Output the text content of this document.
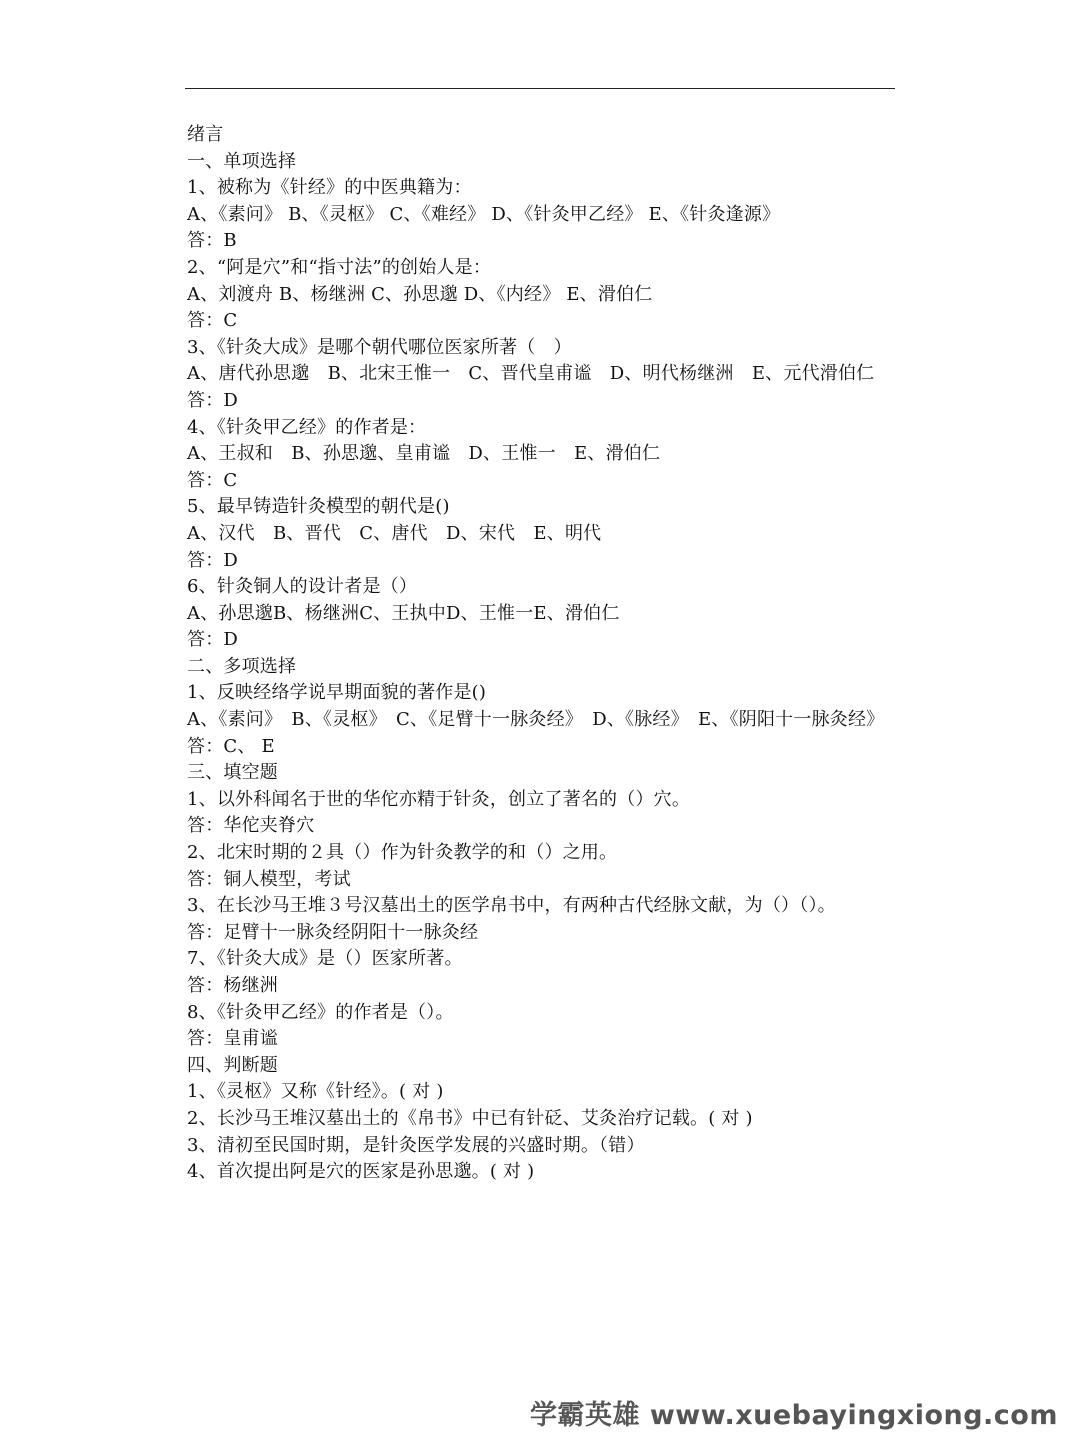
绪言
一、单项选择
1、被称为《针经》的中医典籍为：
A、《素问》 B、《灵枢》 C、《难经》 D、《针灸甲乙经》 E、《针灸逢源》
答：B
2、“阿是穴”和“指寸法”的创始人是：
A、刘渡舟 B、杨继洲 C、孙思邈 D、《内经》 E、滑伯仁
答：C
3、《针灸大成》是哪个朝代哪位医家所著（　）
A、唐代孙思邈　B、北宋王惟一　C、晋代皇甫谧　D、明代杨继洲　E、元代滑伯仁
答：D
4、《针灸甲乙经》的作者是：
A、王叔和　B、孙思邈、皇甫谧　D、王惟一　E、滑伯仁
答：C
5、最早铸造针灸模型的朝代是()
A、汉代　B、晋代　C、唐代　D、宋代　E、明代
答：D
6、针灸铜人的设计者是（）
A、孙思邈B、杨继洲C、王执中D、王惟一E、滑伯仁
答：D
二、多项选择
1、反映经络学说早期面貌的著作是()
A、《素问》　B、《灵枢》　C、《足臂十一脉灸经》　D、《脉经》　E、《阴阳十一脉灸经》
答：C、 E
三、填空题
1、以外科闻名于世的华佗亦精于针灸，创立了著名的（）穴。
答：华佗夹脊穴
2、北宋时期的２具（）作为针灸教学的和（）之用。
答：铜人模型，考试
3、在长沙马王堆３号汉墓出土的医学帛书中，有两种古代经脉文献，为（）（）。
答：足臂十一脉灸经阴阳十一脉灸经
7、《针灸大成》是（）医家所著。
答：杨继洲
8、《针灸甲乙经》的作者是（）。
答：皇甫谧
四、判断题
1、《灵枢》又称《针经》。( 对 )
2、长沙马王堆汉墓出土的《帛书》中已有针砭、艾灸治疗记载。( 对 )
3、清初至民国时期，是针灸医学发展的兴盛时期。（错）
4、首次提出阿是穴的医家是孙思邈。( 对 )
学霸英雄 www.xuebayingxiong.com
